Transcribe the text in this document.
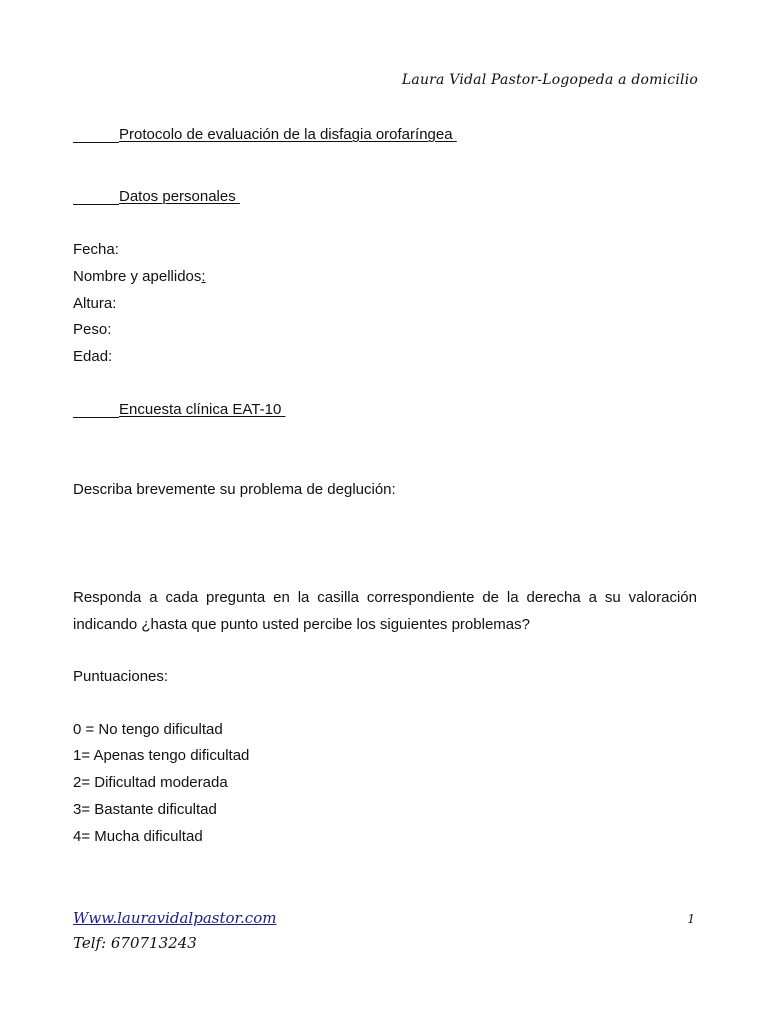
Laura Vidal Pastor-Logopeda a domicilio
Protocolo de evaluación de la disfagia orofaríngea
Datos personales
Fecha:
Nombre y apellidos:
Altura:
Peso:
Edad:
Encuesta clínica EAT-10
Describa brevemente su problema de deglución:
Responda a cada pregunta en la casilla correspondiente de la derecha a su valoración
indicando ¿hasta que punto usted percibe los siguientes problemas?
Puntuaciones:
0 = No tengo dificultad
1= Apenas tengo dificultad
2= Dificultad moderada
3= Bastante dificultad
4= Mucha dificultad
Www.lauravidalpastor.com
Telf: 670713243
1
